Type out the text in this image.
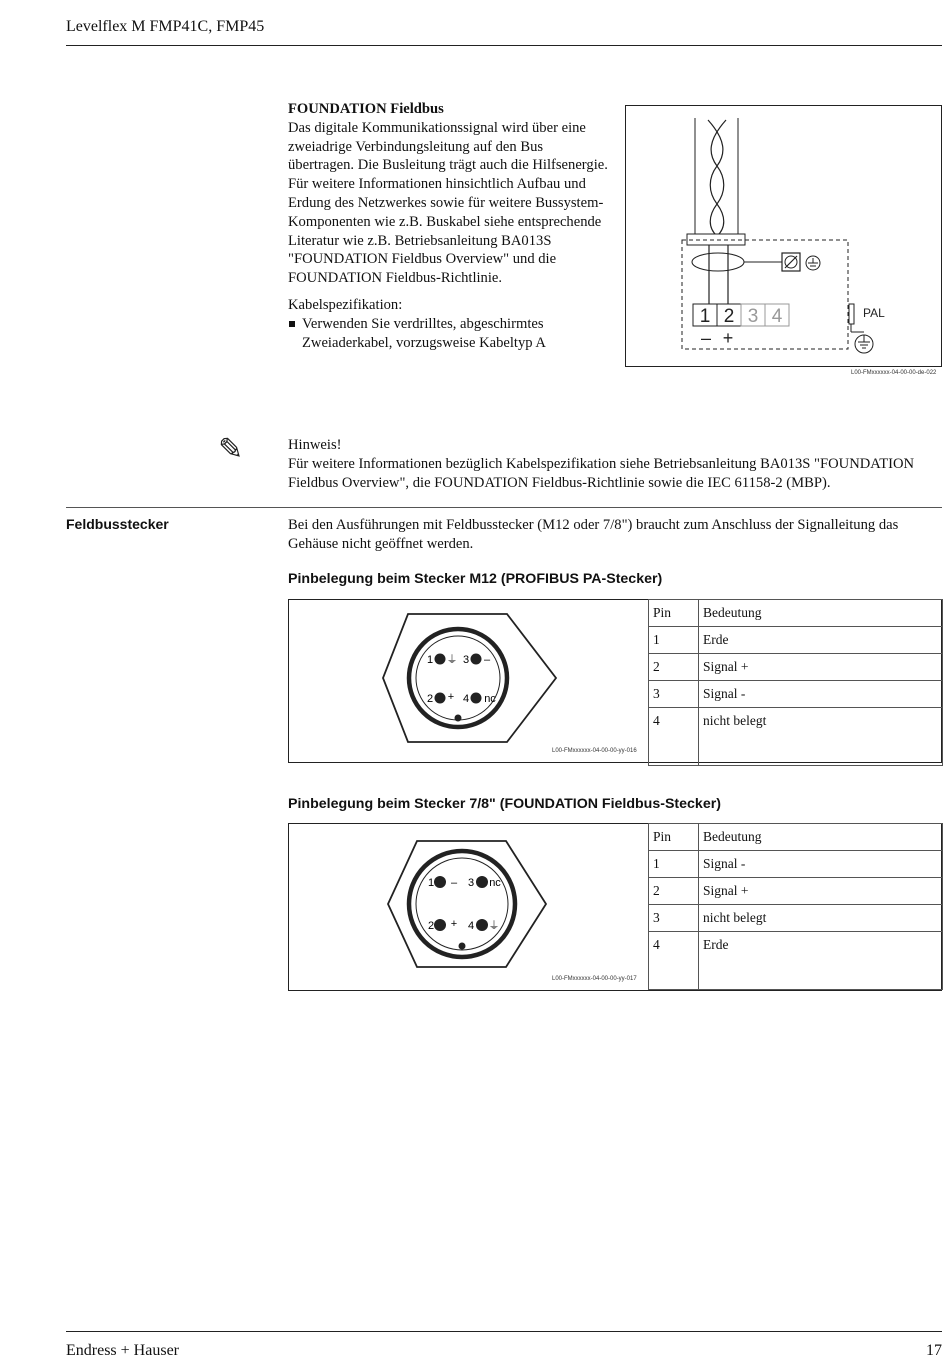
Levelflex M FMP41C, FMP45

FOUNDATION Fieldbus

Das digitale Kommunikationssignal wird über eine zweiadrige Verbindungsleitung auf den Bus übertragen. Die Busleitung trägt auch die Hilfsenergie. Für weitere Informationen hinsichtlich Aufbau und Erdung des Netzwerkes sowie für weitere Bussystem-Komponenten wie z.B. Buskabel siehe entsprechende Literatur wie z.B. Betriebsanleitung BA013S "FOUNDATION Fieldbus Overview" und die FOUNDATION Fieldbus-Richtlinie.

Kabelspezifikation:

Verwenden Sie verdrilltes, abgeschirmtes Zweiaderkabel, vorzugsweise Kabeltyp A

1 2 3 4
– +
PAL
L00-FMxxxxxx-04-00-00-de-022
✎	Hinweis!
Für weitere Informationen bezüglich Kabelspezifikation siehe Betriebsanleitung BA013S "FOUNDATION Fieldbus Overview", die FOUNDATION Fieldbus-Richtlinie sowie die IEC 61158-2 (MBP).
Feldbusstecker	Bei den Ausführungen mit Feldbusstecker (M12 oder 7/8") braucht zum Anschluss der Signalleitung das Gehäuse nicht geöffnet werden.
Pinbelegung beim Stecker M12 (PROFIBUS PA-Stecker)
1 ⏚ 3 –
2 + 4 nc
L00-FMxxxxxx-04-00-00-yy-016
Pin	Bedeutung
1	Erde
2	Signal +
3	Signal -
4	nicht belegt
Pinbelegung beim Stecker 7/8" (FOUNDATION Fieldbus-Stecker)
1 – 3 nc
2 + 4 ⏚
L00-FMxxxxxx-04-00-00-yy-017
Pin	Bedeutung
1	Signal -
2	Signal +
3	nicht belegt
4	Erde
Endress + Hauser	17
